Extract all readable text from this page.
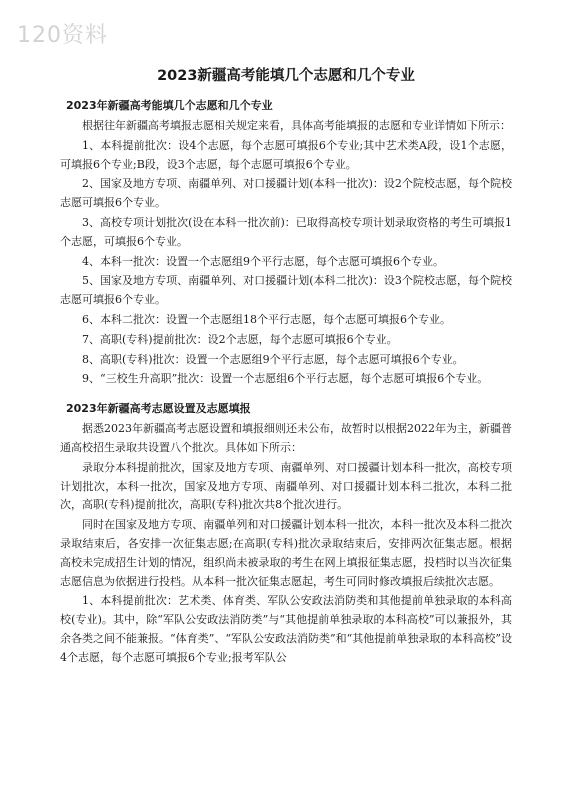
120资料
2023新疆高考能填几个志愿和几个专业
2023年新疆高考能填几个志愿和几个专业

根据往年新疆高考填报志愿相关规定来看，具体高考能填报的志愿和专业详情如下所示：

1、本科提前批次：设4个志愿，每个志愿可填报6个专业;其中艺术类A段，设1个志愿，可填报6个专业;B段，设3个志愿，每个志愿可填报6个专业。

2、国家及地方专项、南疆单列、对口援疆计划(本科一批次)：设2个院校志愿，每个院校志愿可填报6个专业。

3、高校专项计划批次(设在本科一批次前)：已取得高校专项计划录取资格的考生可填报1个志愿，可填报6个专业。

4、本科一批次：设置一个志愿组9个平行志愿，每个志愿可填报6个专业。

5、国家及地方专项、南疆单列、对口援疆计划(本科二批次)：设3个院校志愿，每个院校志愿可填报6个专业。

6、本科二批次：设置一个志愿组18个平行志愿，每个志愿可填报6个专业。

7、高职(专科)提前批次：设2个志愿，每个志愿可填报6个专业。

8、高职(专科)批次：设置一个志愿组9个平行志愿，每个志愿可填报6个专业。

9、“三校生升高职”批次：设置一个志愿组6个平行志愿，每个志愿可填报6个专业。

2023年新疆高考志愿设置及志愿填报

据悉2023年新疆高考志愿设置和填报细则还未公布，故暂时以根据2022年为主，新疆普通高校招生录取共设置八个批次。具体如下所示：

录取分本科提前批次，国家及地方专项、南疆单列、对口援疆计划本科一批次，高校专项计划批次，本科一批次，国家及地方专项、南疆单列、对口援疆计划本科二批次，本科二批次，高职(专科)提前批次，高职(专科)批次共8个批次进行。

同时在国家及地方专项、南疆单列和对口援疆计划本科一批次，本科一批次及本科二批次录取结束后，各安排一次征集志愿;在高职(专科)批次录取结束后，安排两次征集志愿。根据高校未完成招生计划的情况，组织尚未被录取的考生在网上填报征集志愿，投档时以当次征集志愿信息为依据进行投档。从本科一批次征集志愿起，考生可同时修改填报后续批次志愿。

1、本科提前批次：艺术类、体育类、军队公安政法消防类和其他提前单独录取的本科高校(专业)。其中，除“军队公安政法消防类”与“其他提前单独录取的本科高校”可以兼报外，其余各类之间不能兼报。“体育类”、“军队公安政法消防类”和“其他提前单独录取的本科高校”设4个志愿，每个志愿可填报6个专业;报考军队公
